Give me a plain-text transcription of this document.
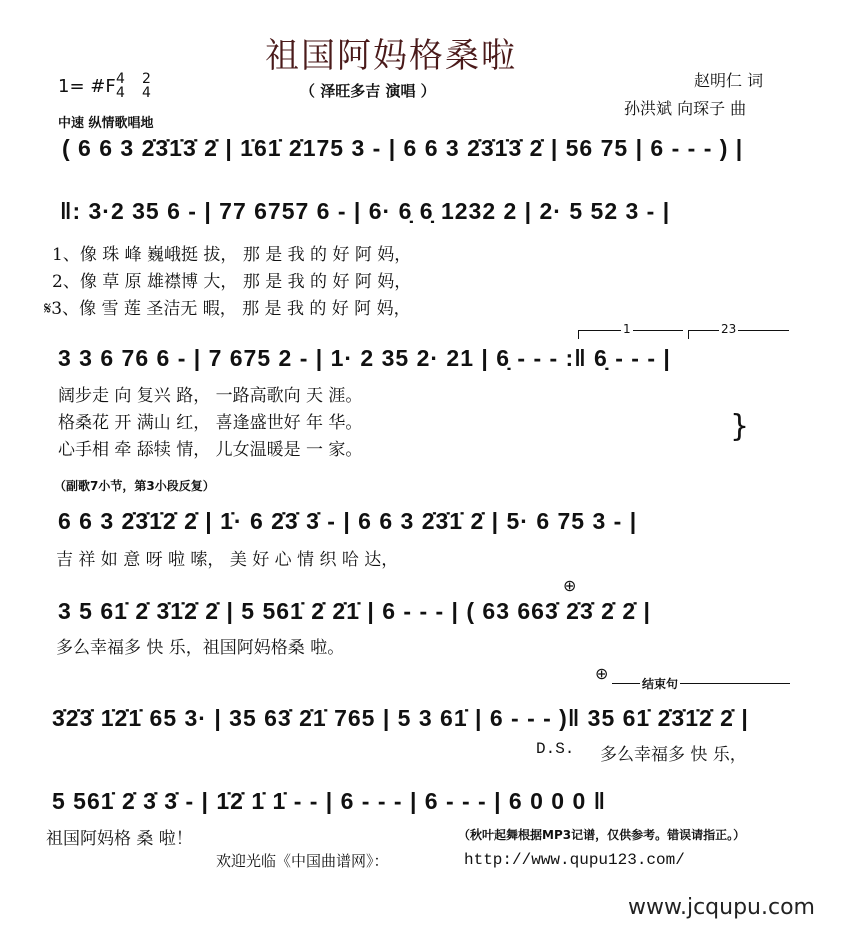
祖国阿妈格桑啦
（ 泽旺多吉 演唱 ）
1= #F 4
4
2
4
中速 纵情歌唱地
赵明仁 词
孙洪斌 向琛子 曲
( 6 6 3 2̇3̇1̇3̇ 2̇ | 1̇61̇ 2̇175 3 - | 6 6 3 2̇3̇1̇3̇ 2̇ | 56 75 | 6 - - - ) |
‖: 3·2 35 6 - | 77 6757 6 - | 6· 6̣ 6̣ 1232 2 | 2· 5 52 3 - |
1、像 珠 峰 巍峨挺 拔， 那 是 我 的 好 阿 妈，
2、像 草 原 雄襟博 大， 那 是 我 的 好 阿 妈，
𝄋3、像 雪 莲 圣洁无 暇， 那 是 我 的 好 阿 妈，
1	23
3 3 6 76 6 - | 7 675 2 - | 1· 2 35 2· 21 | 6̣ - - - :‖ 6̣ - - - |
阔步走 向 复兴 路， 一路高歌向 天 涯。
格桑花 开 满山 红， 喜逢盛世好 年 华。
心手相 牵 舔犊 情， 儿女温暖是 一 家。
}
（副歌7小节，第3小段反复）
6 6 3 2̇3̇1̇2̇ 2̇ | 1̇· 6 2̇3̇ 3̇ - | 6 6 3 2̇3̇1̇ 2̇ | 5· 6 75 3 - |
吉 祥 如 意 呀 啦 嗦， 美 好 心 情 织 哈 达，
⊕
3 5 61̇ 2̇ 3̇1̇2̇ 2̇ | 5 561̇ 2̇ 2̇1̇ | 6 - - - | ( 63 663̇ 2̇3̇ 2̇ 2̇ |
多么幸福多 快 乐，祖国阿妈格桑 啦。
⊕
结束句
3̇2̇3̇ 1̇2̇1̇ 65 3· | 35 63̇ 2̇1̇ 765 | 5 3 61̇ | 6 - - - )‖ 35 61̇ 2̇3̇1̇2̇ 2̇ |
D.S. 多么幸福多 快 乐，
5 561̇ 2̇ 3̇ 3̇ - | 1̇2̇ 1̇ 1̇ - - | 6 - - - | 6 - - - | 6 0 0 0 ‖
祖国阿妈格 桑 啦！	（秋叶起舞根据MP3记谱，仅供参考。错误请指正。）
欢迎光临《中国曲谱网》：	http://www.qupu123.com/
www.jcqupu.com
